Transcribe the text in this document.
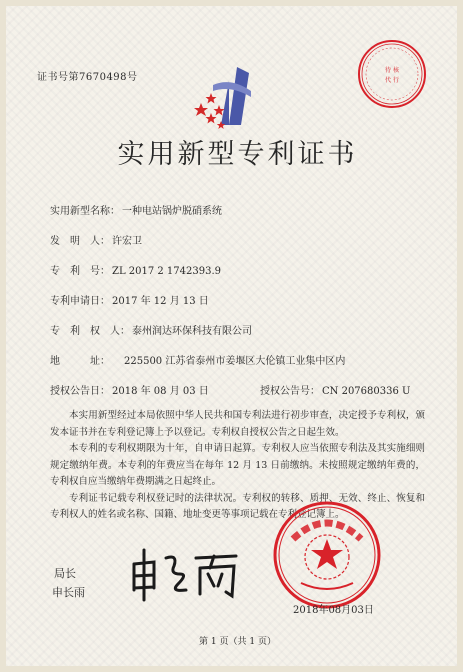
证书号第7670498号
待 核
代 行
实用新型专利证书
实用新型名称： 一种电站锅炉脱硝系统
发　明　人： 许宏卫
专　利　号： ZL 2017 2 1742393.9
专利申请日： 2017 年 12 月 13 日
专　利　权　人： 泰州润达环保科技有限公司
地　　　址： 225500 江苏省泰州市姜堰区大伦镇工业集中区内
授权公告日： 2018 年 08 月 03 日	授权公告号： CN 207680336 U

本实用新型经过本局依照中华人民共和国专利法进行初步审查，决定授予专利权，颁发本证书并在专利登记簿上予以登记。专利权自授权公告之日起生效。

本专利的专利权期限为十年，自申请日起算。专利权人应当依照专利法及其实施细则规定缴纳年费。本专利的年费应当在每年 12 月 13 日前缴纳。未按照规定缴纳年费的，专利权自应当缴纳年费期满之日起终止。

专利证书记载专利权登记时的法律状况。专利权的转移、质押、无效、终止、恢复和专利权人的姓名或名称、国籍、地址变更等事项记载在专利登记簿上。

局长
申长雨
2018年08月03日
第 1 页（共 1 页）
